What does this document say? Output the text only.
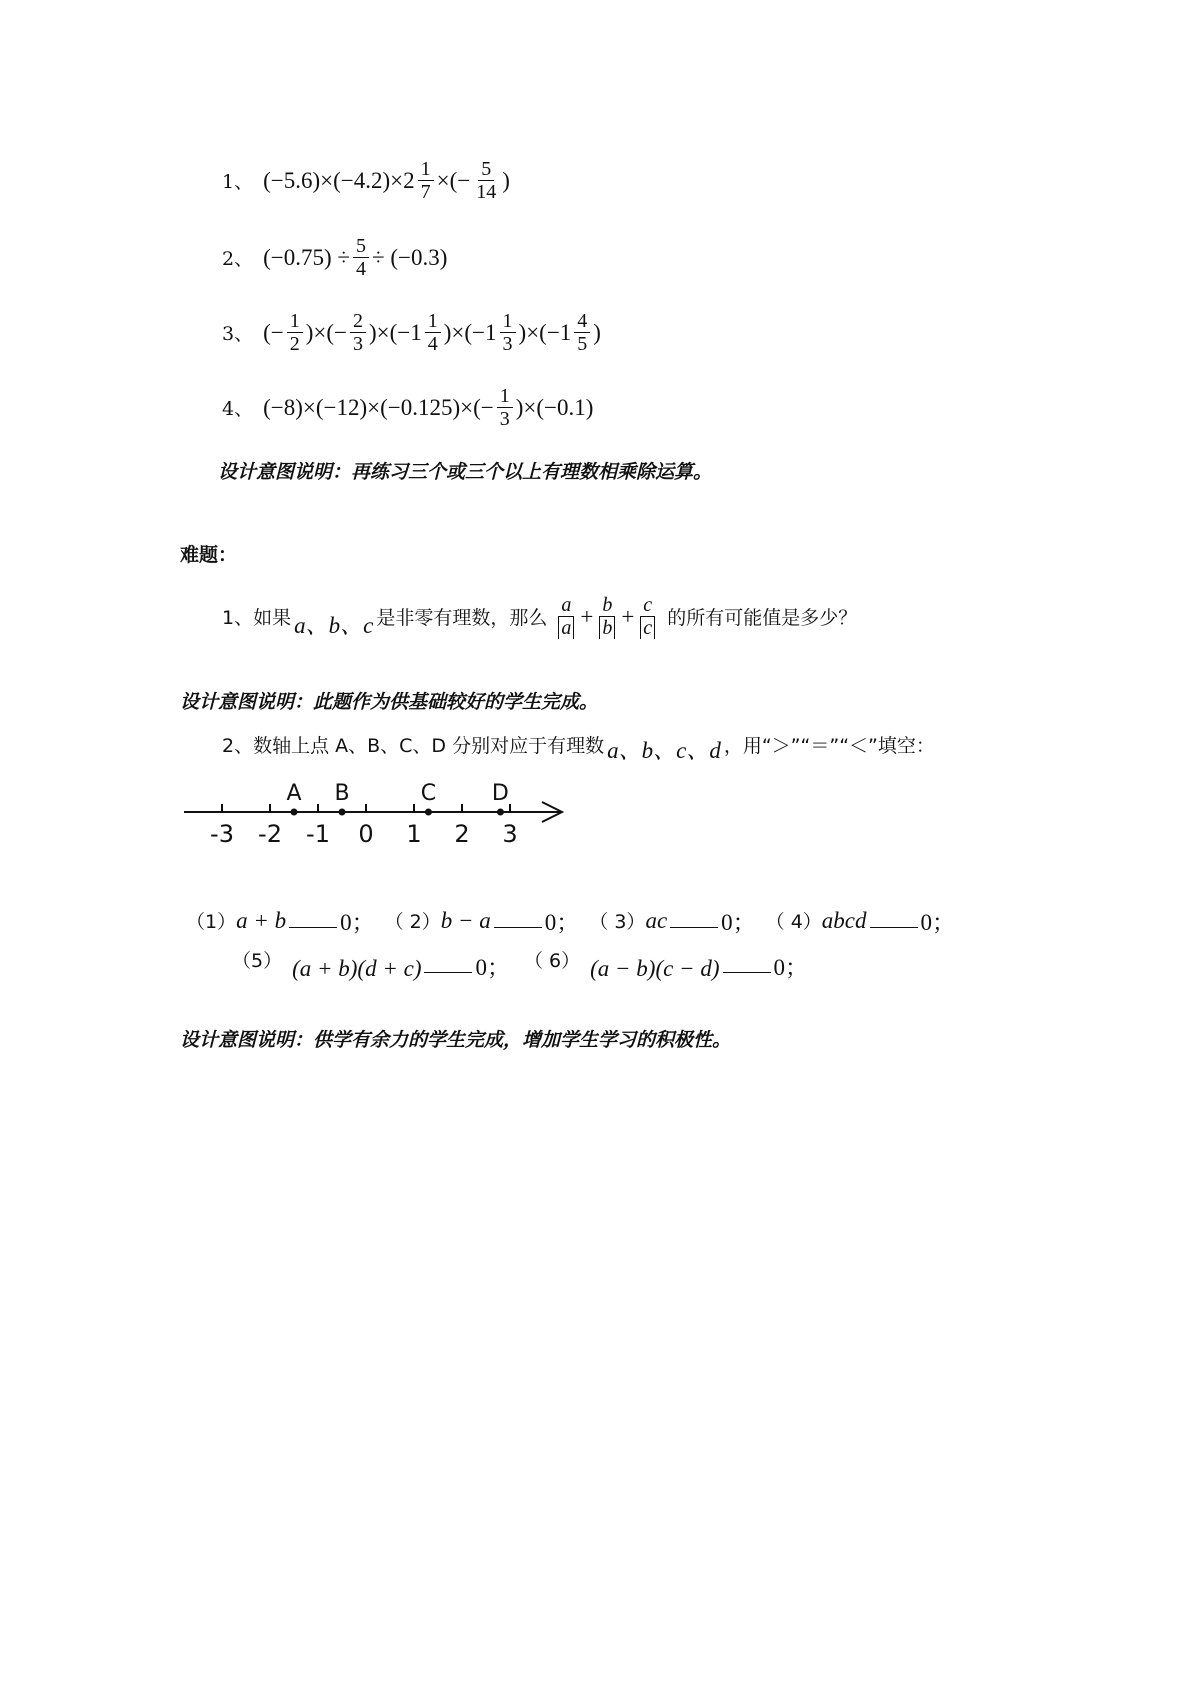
1、 $(-5.6)\times(-4.2)\times 2 \frac{1}{7}$ ×(− $\frac{5}{14}$ )
2、 $(-0.75) \div \frac{5}{4} \div (-0.3)$
3、 (− $\frac{1}{2}$ )×(− $\frac{2}{3} )\times(-1 \frac{1}{4} )\times(-1 \frac{1}{3} )\times(-1 \frac{4}{5}$ )
4、 $(-8)\times(-12)\times(-0.125)\times(- \frac{1}{3} )\times(-0.1)$
设计意图说明：再练习三个或三个以上有理数相乘除运算。
难题：
1、如果 a、b、c 是非零有理数，那么 $\frac{a}{a} + \frac{b}{b} + \frac{c}{c}$ 的所有可能值是多少？
设计意图说明：此题作为供基础较好的学生完成。
2、数轴上点 A、B、C、D 分别对应于有理数 a、b、c、d ，用“＞”“＝”“＜”填空：
-3 -2 -1 0 1 2 3
A B	C	D
（1） a + b 0； （ 2） b − a 0； （ 3） ac 0； （ 4） abcd 0；
（5） (a + b)(d + c) 0； （ 6） (a − b)(c − d) 0；
设计意图说明：供学有余力的学生完成，增加学生学习的积极性。
